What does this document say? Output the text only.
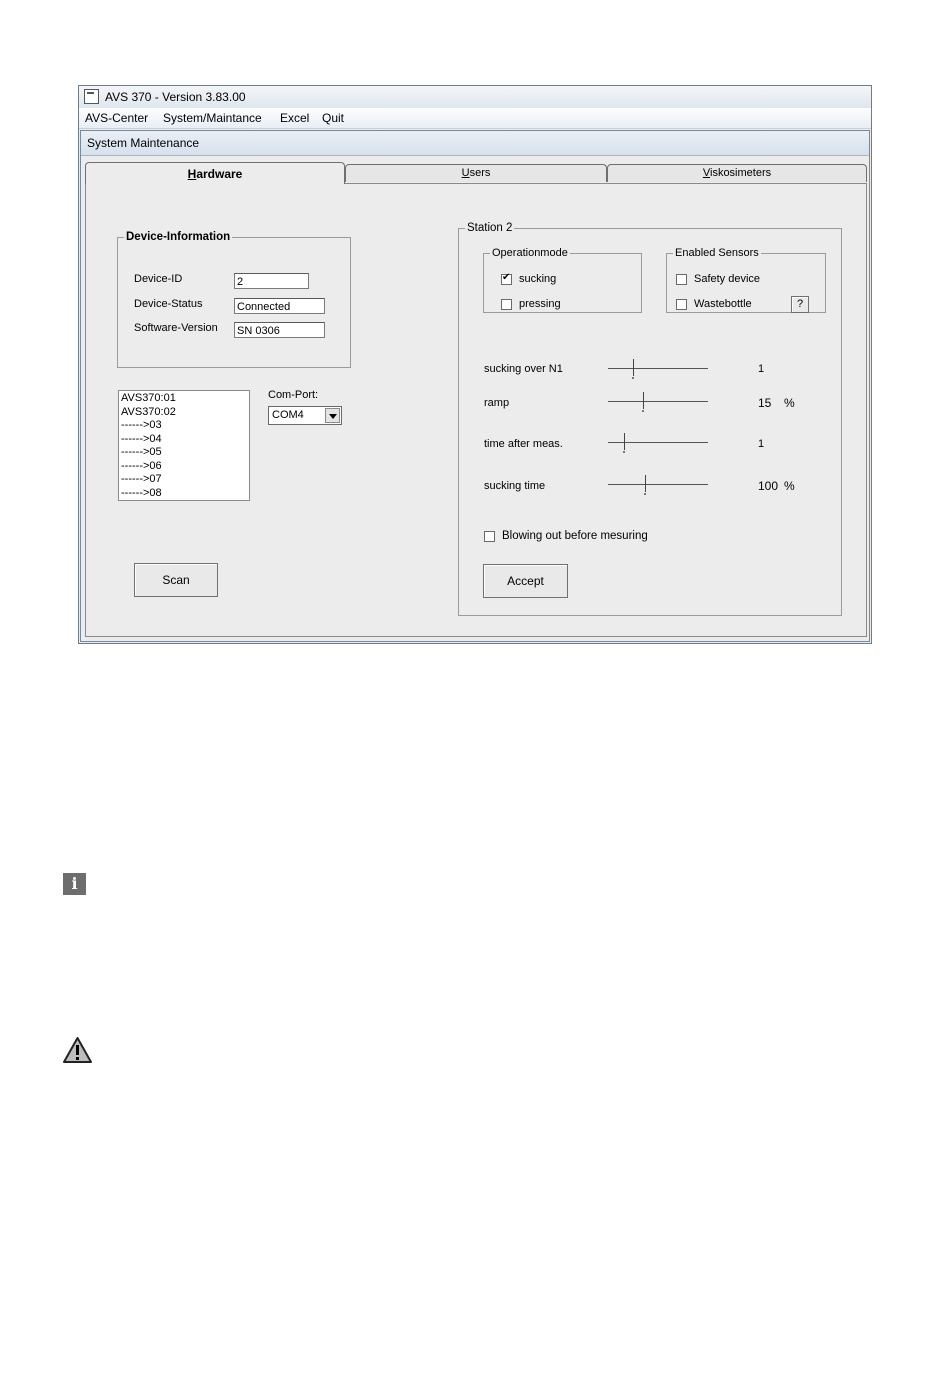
AVS 370 - Version 3.83.00
AVS-Center System/Maintance Excel Quit
System Maintenance
Hardware	Users	Viskosimeters
Device-Information
Device-ID	2
Device-Status	Connected
Software-Version SN 0306
AVS370:01
AVS370:02
------>03
------>04
------>05
------>06
------>07
------>08
Com-Port:
COM4
Scan
Station 2
Operationmode
✔
sucking
pressing
Enabled Sensors
Safety device
Wastebottle	?
sucking over N1	1
ramp	15 %
time after meas.	1
sucking time	100 %
Blowing out before mesuring
Accept
i
